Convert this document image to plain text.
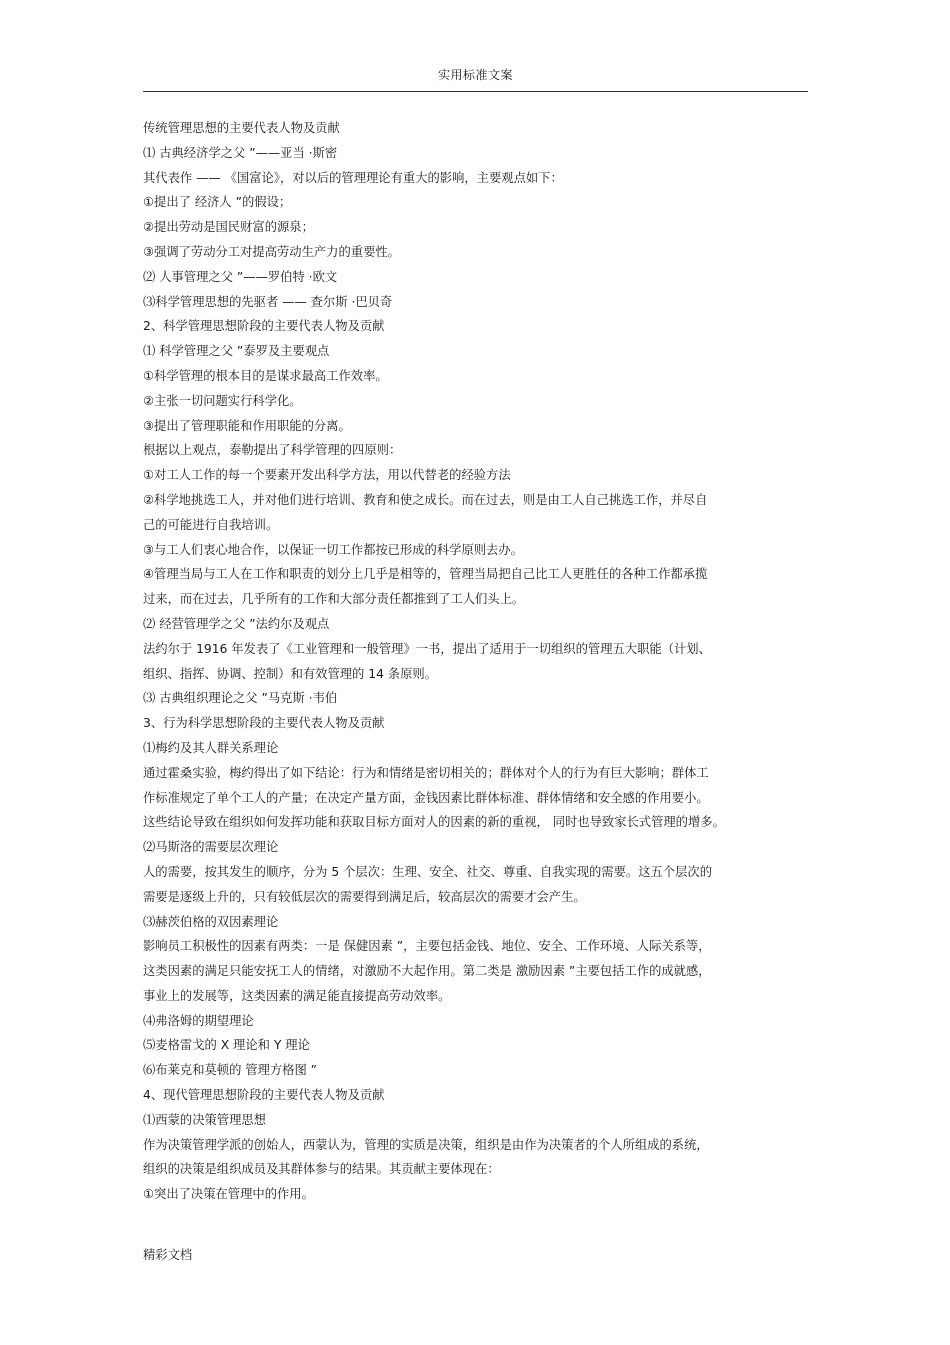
实用标准文案
传统管理思想的主要代表人物及贡献
⑴ 古典经济学之父 ”——亚当 ·斯密
其代表作 —— 《国富论》，对以后的管理理论有重大的影响，主要观点如下：
①提出了 经济人 ”的假设；
②提出劳动是国民财富的源泉；
③强调了劳动分工对提高劳动生产力的重要性。
⑵ 人事管理之父 ”——罗伯特 ·欧文
⑶科学管理思想的先驱者 —— 查尔斯 ·巴贝奇
2、科学管理思想阶段的主要代表人物及贡献
⑴ 科学管理之父 ”泰罗及主要观点
①科学管理的根本目的是谋求最高工作效率。
②主张一切问题实行科学化。
③提出了管理职能和作用职能的分离。
根据以上观点，泰勒提出了科学管理的四原则：
①对工人工作的每一个要素开发出科学方法，用以代替老的经验方法
②科学地挑选工人，并对他们进行培训、教育和使之成长。而在过去，则是由工人自己挑选工作，并尽自
己的可能进行自我培训。
③与工人们衷心地合作，以保证一切工作都按已形成的科学原则去办。
④管理当局与工人在工作和职责的划分上几乎是相等的，管理当局把自己比工人更胜任的各种工作都承揽
过来，而在过去，几乎所有的工作和大部分责任都推到了工人们头上。
⑵ 经营管理学之父 ”法约尔及观点
法约尔于 1916 年发表了《工业管理和一般管理》一书，提出了适用于一切组织的管理五大职能（计划、
组织、指挥、协调、控制）和有效管理的 14 条原则。
⑶ 古典组织理论之父 ”马克斯 ·韦伯
3、行为科学思想阶段的主要代表人物及贡献
⑴梅约及其人群关系理论
通过霍桑实验，梅约得出了如下结论：行为和情绪是密切相关的；群体对个人的行为有巨大影响；群体工
作标准规定了单个工人的产量；在决定产量方面，金钱因素比群体标准、群体情绪和安全感的作用要小。
这些结论导致在组织如何发挥功能和获取目标方面对人的因素的新的重视， 同时也导致家长式管理的增多。
⑵马斯洛的需要层次理论
人的需要，按其发生的顺序，分为 5 个层次：生理、安全、社交、尊重、自我实现的需要。这五个层次的
需要是逐级上升的，只有较低层次的需要得到满足后，较高层次的需要才会产生。
⑶赫茨伯格的双因素理论
影响员工积极性的因素有两类：一是 保健因素 ”，主要包括金钱、地位、安全、工作环境、人际关系等，
这类因素的满足只能安抚工人的情绪，对激励不大起作用。第二类是 激励因素 ”主要包括工作的成就感，
事业上的发展等，这类因素的满足能直接提高劳动效率。
⑷弗洛姆的期望理论
⑸麦格雷戈的 X 理论和 Y 理论
⑹布莱克和莫顿的 管理方格图 ”
4、现代管理思想阶段的主要代表人物及贡献
⑴西蒙的决策管理思想
作为决策管理学派的创始人，西蒙认为，管理的实质是决策，组织是由作为决策者的个人所组成的系统，
组织的决策是组织成员及其群体参与的结果。其贡献主要体现在：
①突出了决策在管理中的作用。
精彩文档
